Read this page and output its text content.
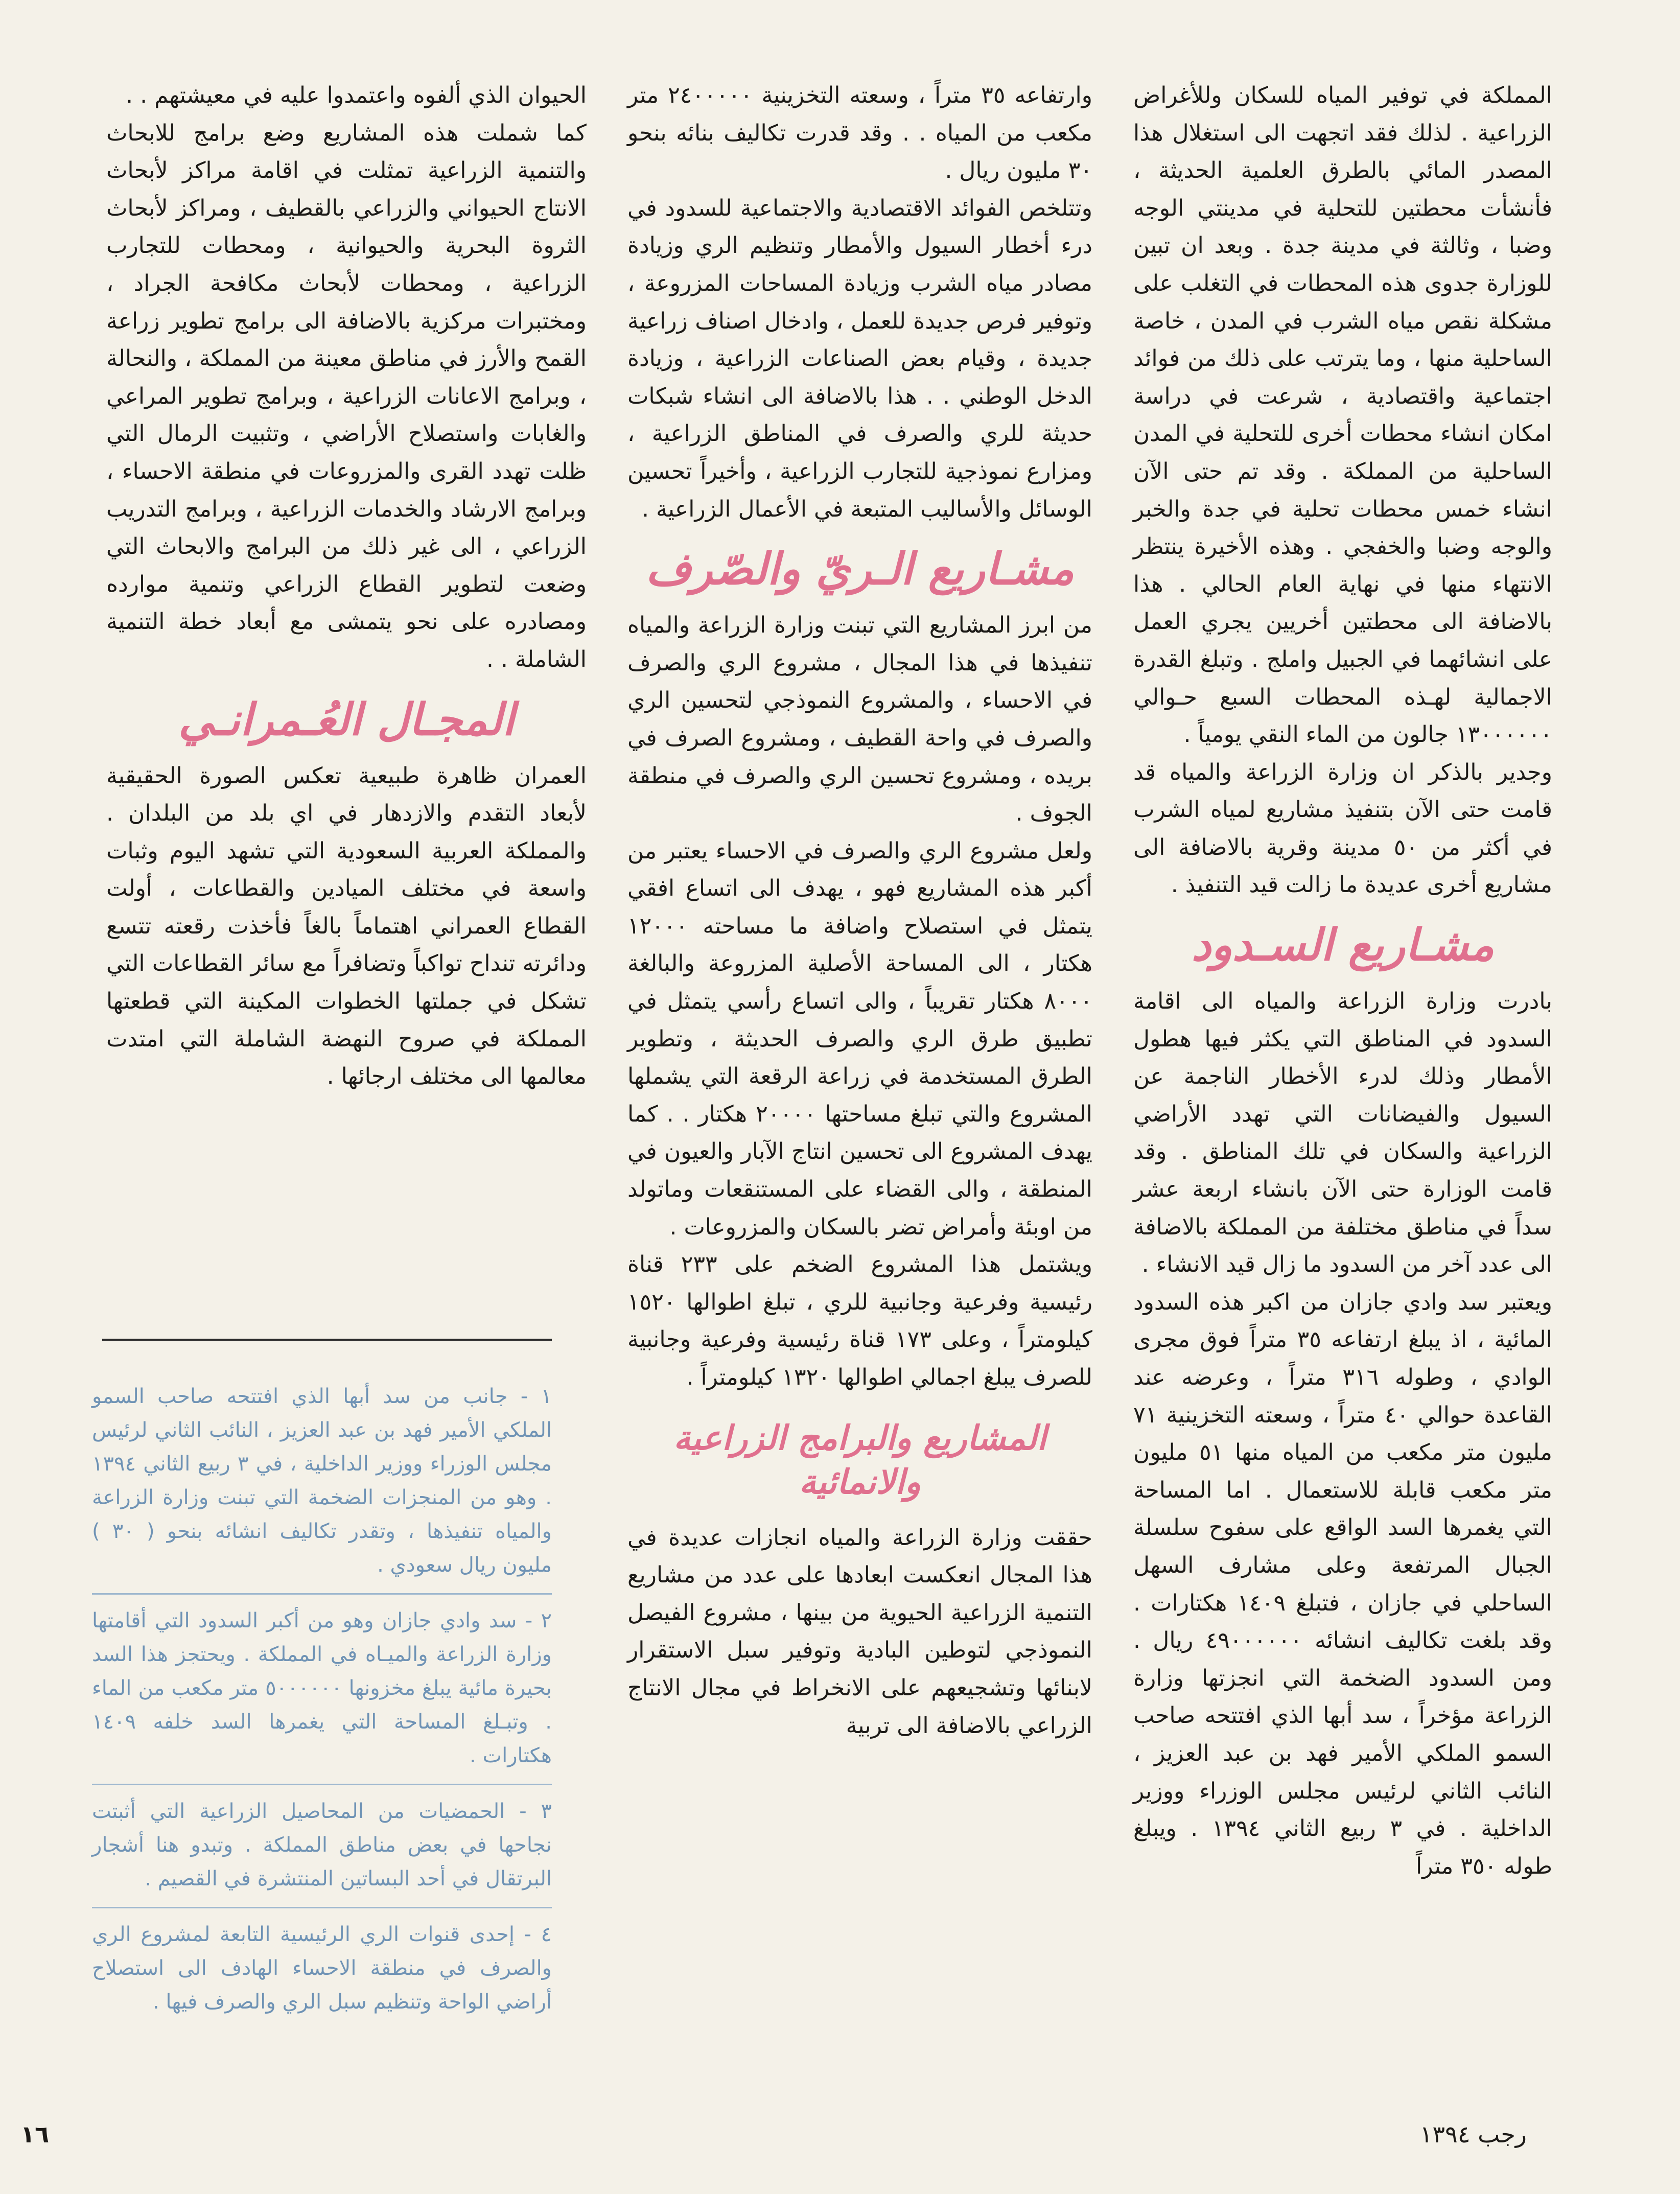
المملكة في توفير المياه للسكان وللأغراض الزراعية . لذلك فقد اتجهت الى استغلال هذا المصدر المائي بالطرق العلمية الحديثة ، فأنشأت محطتين للتحلية في مدينتي الوجه وضبا ، وثالثة في مدينة جدة . وبعد ان تبين للوزارة جدوى هذه المحطات في التغلب على مشكلة نقص مياه الشرب في المدن ، خاصة الساحلية منها ، وما يترتب على ذلك من فوائد اجتماعية واقتصادية ، شرعت في دراسة امكان انشاء محطات أخرى للتحلية في المدن الساحلية من المملكة . وقد تم حتى الآن انشاء خمس محطات تحلية في جدة والخبر والوجه وضبا والخفجي . وهذه الأخيرة ينتظر الانتهاء منها في نهاية العام الحالي . هذا بالاضافة الى محطتين أخريين يجري العمل على انشائهما في الجبيل واملج . وتبلغ القدرة الاجمالية لهـذه المحطات السبع حـوالي ١٣٠٠٠٠٠٠ جالون من الماء النقي يومياً .

وجدير بالذكر ان وزارة الزراعة والمياه قد قامت حتى الآن بتنفيذ مشاريع لمياه الشرب في أكثر من ٥٠ مدينة وقرية بالاضافة الى مشاريع أخرى عديدة ما زالت قيد التنفيذ .

مشـاريع السـدود

بادرت وزارة الزراعة والمياه الى اقامة السدود في المناطق التي يكثر فيها هطول الأمطار وذلك لدرء الأخطار الناجمة عن السيول والفيضانات التي تهدد الأراضي الزراعية والسكان في تلك المناطق . وقد قامت الوزارة حتى الآن بانشاء اربعة عشر سداً في مناطق مختلفة من المملكة بالاضافة الى عدد آخر من السدود ما زال قيد الانشاء .

ويعتبر سد وادي جازان من اكبر هذه السدود المائية ، اذ يبلغ ارتفاعه ٣٥ متراً فوق مجرى الوادي ، وطوله ٣١٦ متراً ، وعرضه عند القاعدة حوالي ٤٠ متراً ، وسعته التخزينية ٧١ مليون متر مكعب من المياه منها ٥١ مليون متر مكعب قابلة للاستعمال . اما المساحة التي يغمرها السد الواقع على سفوح سلسلة الجبال المرتفعة وعلى مشارف السهل الساحلي في جازان ، فتبلغ ١٤٠٩ هكتارات . وقد بلغت تكاليف انشائه ٤٩٠٠٠٠٠٠ ريال . ومن السدود الضخمة التي انجزتها وزارة الزراعة مؤخراً ، سد أبها الذي افتتحه صاحب السمو الملكي الأمير فهد بن عبد العزيز ، النائب الثاني لرئيس مجلس الوزراء ووزير الداخلية . في ٣ ربيع الثاني ١٣٩٤ . ويبلغ طوله ٣٥٠ متراً

وارتفاعه ٣٥ متراً ، وسعته التخزينية ٢٤٠٠٠٠٠ متر مكعب من المياه . . وقد قدرت تكاليف بنائه بنحو ٣٠ مليون ريال .

وتتلخص الفوائد الاقتصادية والاجتماعية للسدود في درء أخطار السيول والأمطار وتنظيم الري وزيادة مصادر مياه الشرب وزيادة المساحات المزروعة ، وتوفير فرص جديدة للعمل ، وادخال اصناف زراعية جديدة ، وقيام بعض الصناعات الزراعية ، وزيادة الدخل الوطني . . هذا بالاضافة الى انشاء شبكات حديثة للري والصرف في المناطق الزراعية ، ومزارع نموذجية للتجارب الزراعية ، وأخيراً تحسين الوسائل والأساليب المتبعة في الأعمال الزراعية .

مشـاريع الـريّ والصّرف

من ابرز المشاريع التي تبنت وزارة الزراعة والمياه تنفيذها في هذا المجال ، مشروع الري والصرف في الاحساء ، والمشروع النموذجي لتحسين الري والصرف في واحة القطيف ، ومشروع الصرف في بريده ، ومشروع تحسين الري والصرف في منطقة الجوف .

ولعل مشروع الري والصرف في الاحساء يعتبر من أكبر هذه المشاريع فهو ، يهدف الى اتساع افقي يتمثل في استصلاح واضافة ما مساحته ١٢٠٠٠ هكتار ، الى المساحة الأصلية المزروعة والبالغة ٨٠٠٠ هكتار تقريباً ، والى اتساع رأسي يتمثل في تطبيق طرق الري والصرف الحديثة ، وتطوير الطرق المستخدمة في زراعة الرقعة التي يشملها المشروع والتي تبلغ مساحتها ٢٠٠٠٠ هكتار . . كما يهدف المشروع الى تحسين انتاج الآبار والعيون في المنطقة ، والى القضاء على المستنقعات وماتولد من اوبئة وأمراض تضر بالسكان والمزروعات .

ويشتمل هذا المشروع الضخم على ٢٣٣ قناة رئيسية وفرعية وجانبية للري ، تبلغ اطوالها ١٥٢٠ كيلومتراً ، وعلى ١٧٣ قناة رئيسية وفرعية وجانبية للصرف يبلغ اجمالي اطوالها ١٣٢٠ كيلومتراً .

المشاريع والبرامج الزراعية والانمائية

حققت وزارة الزراعة والمياه انجازات عديدة في هذا المجال انعكست ابعادها على عدد من مشاريع التنمية الزراعية الحيوية من بينها ، مشروع الفيصل النموذجي لتوطين البادية وتوفير سبل الاستقرار لابنائها وتشجيعهم على الانخراط في مجال الانتاج الزراعي بالاضافة الى تربية

الحيوان الذي ألفوه واعتمدوا عليه في معيشتهم . .

كما شملت هذه المشاريع وضع برامج للابحاث والتنمية الزراعية تمثلت في اقامة مراكز لأبحاث الانتاج الحيواني والزراعي بالقطيف ، ومراكز لأبحاث الثروة البحرية والحيوانية ، ومحطات للتجارب الزراعية ، ومحطات لأبحاث مكافحة الجراد ، ومختبرات مركزية بالاضافة الى برامج تطوير زراعة القمح والأرز في مناطق معينة من المملكة ، والنحالة ، وبرامج الاعانات الزراعية ، وبرامج تطوير المراعي والغابات واستصلاح الأراضي ، وتثبيت الرمال التي ظلت تهدد القرى والمزروعات في منطقة الاحساء ، وبرامج الارشاد والخدمات الزراعية ، وبرامج التدريب الزراعي ، الى غير ذلك من البرامج والابحاث التي وضعت لتطوير القطاع الزراعي وتنمية موارده ومصادره على نحو يتمشى مع أبعاد خطة التنمية الشاملة . .

المجـال العُـمرانـي

العمران ظاهرة طبيعية تعكس الصورة الحقيقية لأبعاد التقدم والازدهار في اي بلد من البلدان . والمملكة العربية السعودية التي تشهد اليوم وثبات واسعة في مختلف الميادين والقطاعات ، أولت القطاع العمراني اهتماماً بالغاً فأخذت رقعته تتسع ودائرته تنداح تواكباً وتضافراً مع سائر القطاعات التي تشكل في جملتها الخطوات المكينة التي قطعتها المملكة في صروح النهضة الشاملة التي امتدت معالمها الى مختلف ارجائها .

١ - جانب من سد أبها الذي افتتحه صاحب السمو الملكي الأمير فهد بن عبد العزيز ، النائب الثاني لرئيس مجلس الوزراء ووزير الداخلية ، في ٣ ربيع الثاني ١٣٩٤ . وهو من المنجزات الضخمة التي تبنت وزارة الزراعة والمياه تنفيذها ، وتقدر تكاليف انشائه بنحو ( ٣٠ ) مليون ريال سعودي .

٢ - سد وادي جازان وهو من أكبر السدود التي أقامتها وزارة الزراعة والميـاه في المملكة . ويحتجز هذا السد بحيرة مائية يبلغ مخزونها ٥٠٠٠٠٠٠ متر مكعب من الماء . وتبـلغ المساحة التي يغمرها السد خلفه ١٤٠٩ هكتارات .

٣ - الحمضيات من المحاصيل الزراعية التي أثبتت نجاحها في بعض مناطق المملكة . وتبدو هنا أشجار البرتقال في أحد البساتين المنتشرة في القصيم .

٤ - إحدى قنوات الري الرئيسية التابعة لمشروع الري والصرف في منطقة الاحساء الهادف الى استصلاح أراضي الواحة وتنظيم سبل الري والصرف فيها .

١٦	رجب ١٣٩٤
